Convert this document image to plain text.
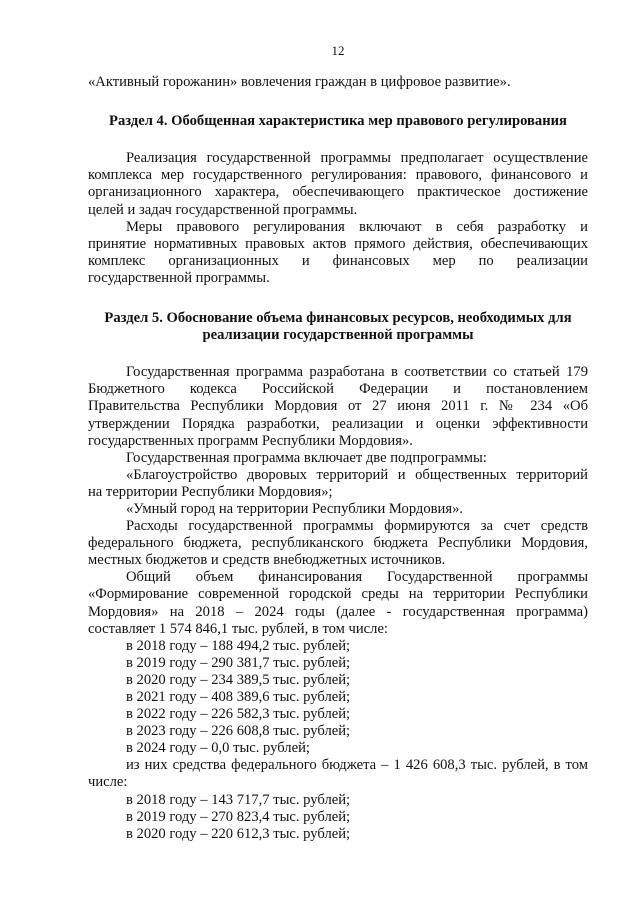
12

«Активный горожанин» вовлечения граждан в цифровое развитие».

Раздел 4. Обобщенная характеристика мер правового регулирования

Реализация государственной программы предполагает осуществление

комплекса мер государственного регулирования: правового, финансового и

организационного характера, обеспечивающего практическое достижение

целей и задач государственной программы.

Меры правового регулирования включают в себя разработку и

принятие нормативных правовых актов прямого действия, обеспечивающих

комплекс организационных и финансовых мер по реализации

государственной программы.

Раздел 5. Обоснование объема финансовых ресурсов, необходимых для

реализации государственной программы

Государственная программа разработана в соответствии со статьей 179

Бюджетного кодекса Российской Федерации и постановлением

Правительства Республики Мордовия от 27 июня 2011 г. № 234 «Об

утверждении Порядка разработки, реализации и оценки эффективности

государственных программ Республики Мордовия».

Государственная программа включает две подпрограммы:

«Благоустройство дворовых территорий и общественных территорий

на территории Республики Мордовия»;

«Умный город на территории Республики Мордовия».

Расходы государственной программы формируются за счет средств

федерального бюджета, республиканского бюджета Республики Мордовия,

местных бюджетов и средств внебюджетных источников.

Общий объем финансирования Государственной программы

«Формирование современной городской среды на территории Республики

Мордовия» на 2018 – 2024 годы (далее - государственная программа)

составляет 1 574 846,1 тыс. рублей, в том числе:

в 2018 году – 188 494,2 тыс. рублей;

в 2019 году – 290 381,7 тыс. рублей;

в 2020 году – 234 389,5 тыс. рублей;

в 2021 году – 408 389,6 тыс. рублей;

в 2022 году – 226 582,3 тыс. рублей;

в 2023 году – 226 608,8 тыс. рублей;

в 2024 году – 0,0 тыс. рублей;

из них средства федерального бюджета – 1 426 608,3 тыс. рублей, в том

числе:

в 2018 году – 143 717,7 тыс. рублей;

в 2019 году – 270 823,4 тыс. рублей;

в 2020 году – 220 612,3 тыс. рублей;
